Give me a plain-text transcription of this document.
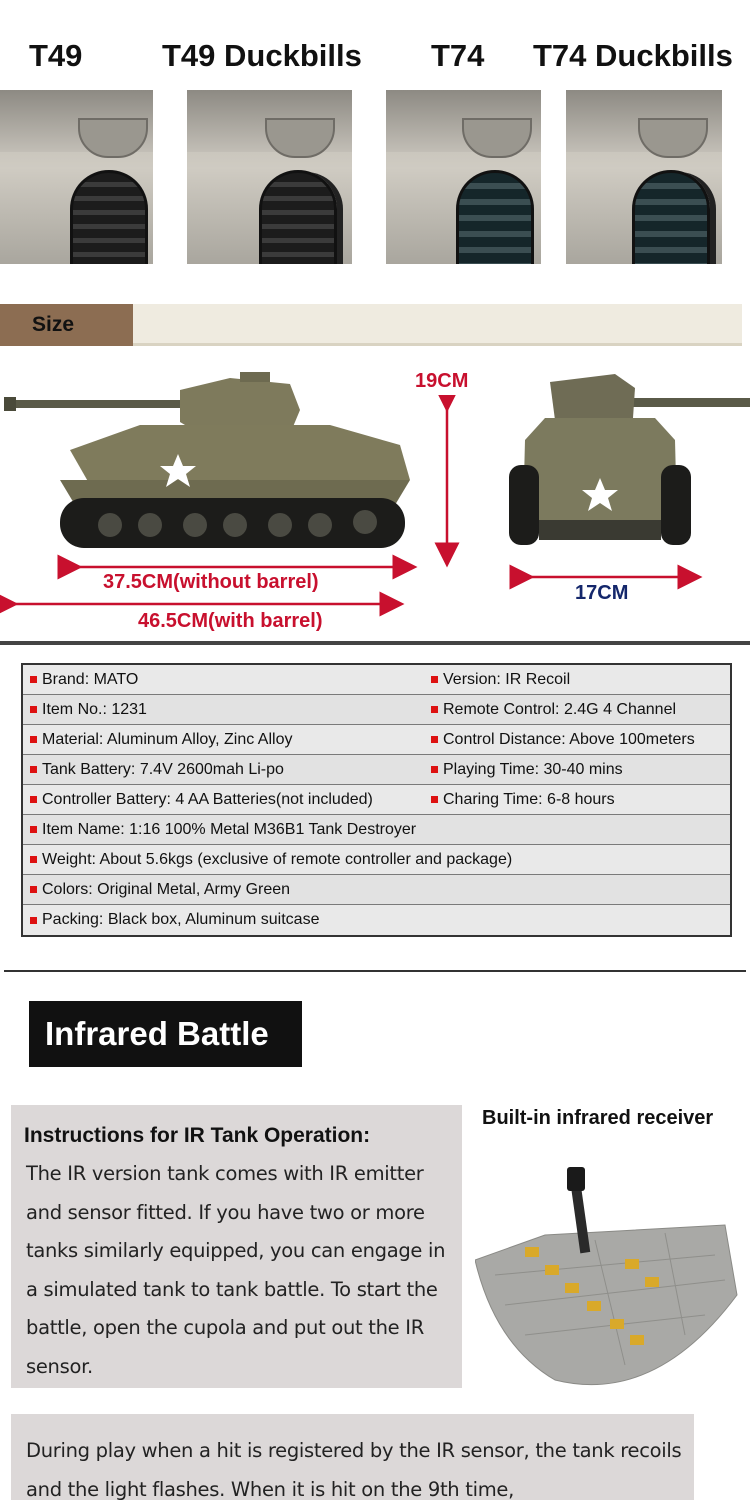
T49	T49 Duckbills T74 T74 Duckbills
Size
19CM
37.5CM(without barrel)
46.5CM(with barrel)
17CM
Brand: MATO	Version: IR Recoil
Item No.: 1231	Remote Control: 2.4G 4 Channel
Material: Aluminum Alloy, Zinc Alloy	Control Distance: Above 100meters
Tank Battery: 7.4V 2600mah Li-po	Playing Time: 30-40 mins
Controller Battery: 4 AA Batteries(not included)	Charing Time: 6-8 hours
Item Name: 1:16 100% Metal M36B1 Tank Destroyer
Weight: About 5.6kgs (exclusive of remote controller and package)
Colors: Original Metal, Army Green
Packing: Black box, Aluminum suitcase
Infrared Battle
Instructions for IR Tank Operation:
The IR version tank comes with IR emitter and sensor fitted. If you have two or more tanks similarly equipped, you can engage in a simulated tank to tank battle. To start the battle, open the cupola and put out the IR sensor.
Built-in infrared receiver
During play when a hit is registered by the IR sensor, the tank recoils and the light flashes. When it is hit on the 9th time,
